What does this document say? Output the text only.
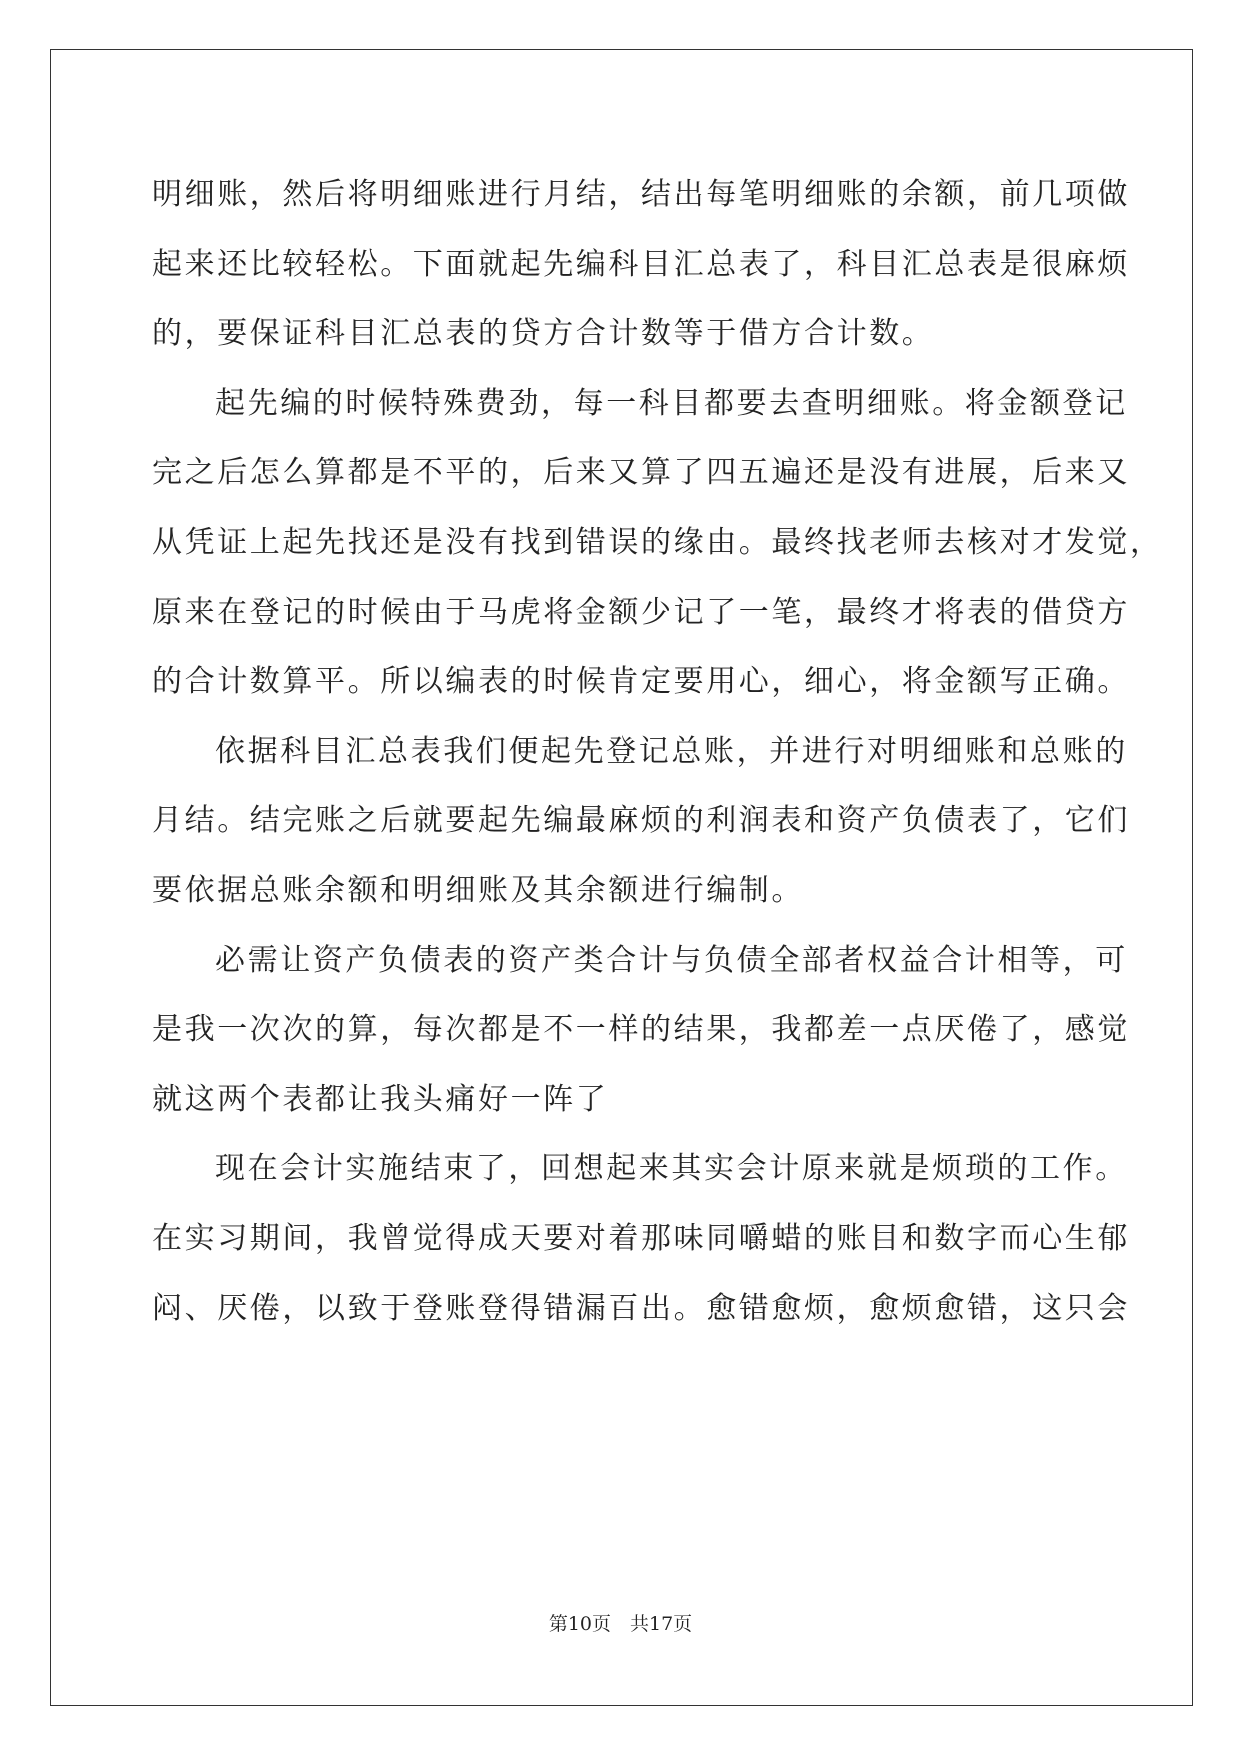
明细账，然后将明细账进行月结，结出每笔明细账的余额，前几项做
起来还比较轻松。下面就起先编科目汇总表了，科目汇总表是很麻烦
的，要保证科目汇总表的贷方合计数等于借方合计数。
起先编的时候特殊费劲，每一科目都要去查明细账。将金额登记
完之后怎么算都是不平的，后来又算了四五遍还是没有进展，后来又
从凭证上起先找还是没有找到错误的缘由。最终找老师去核对才发觉，
原来在登记的时候由于马虎将金额少记了一笔，最终才将表的借贷方
的合计数算平。所以编表的时候肯定要用心，细心，将金额写正确。
依据科目汇总表我们便起先登记总账，并进行对明细账和总账的
月结。结完账之后就要起先编最麻烦的利润表和资产负债表了，它们
要依据总账余额和明细账及其余额进行编制。
必需让资产负债表的资产类合计与负债全部者权益合计相等，可
是我一次次的算，每次都是不一样的结果，我都差一点厌倦了，感觉
就这两个表都让我头痛好一阵了
现在会计实施结束了，回想起来其实会计原来就是烦琐的工作。
在实习期间，我曾觉得成天要对着那味同嚼蜡的账目和数字而心生郁
闷、厌倦，以致于登账登得错漏百出。愈错愈烦，愈烦愈错，这只会
第10页　共17页
